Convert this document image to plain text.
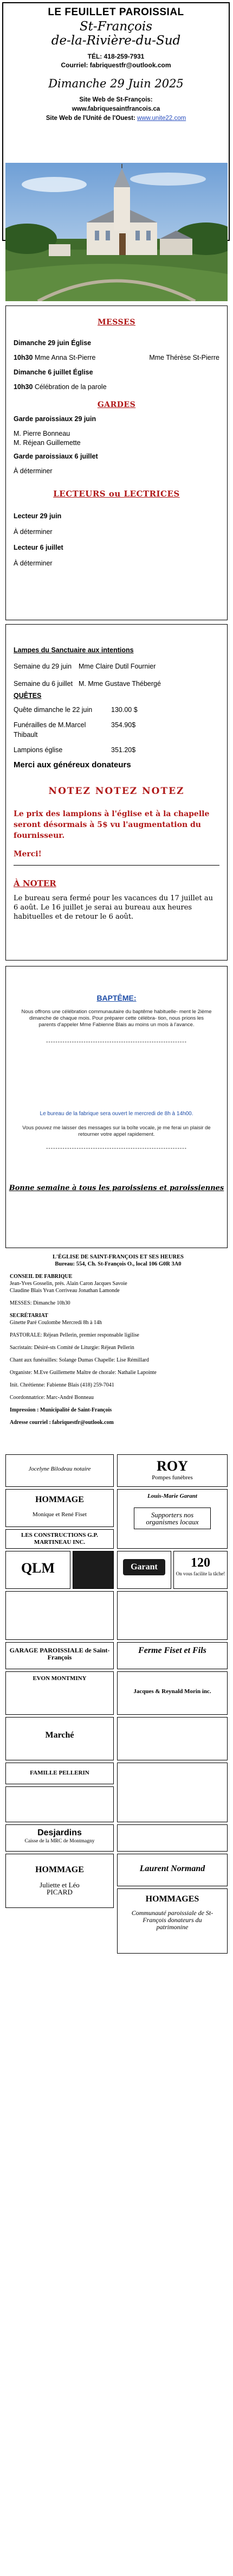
LE FEUILLET PAROISSIAL
St-François
de-la-Rivière-du-Sud
TÉL: 418-259-7931
Courriel: fabriquestfr@outlook.com
Dimanche 29 Juin 2025
Site Web de St-François:
www.fabriquesaintfrancois.ca
Site Web de l'Unité de l'Ouest: www.unite22.com
MESSES
Dimanche 29 juin Église
10h30 Mme Anna St-Pierre	Mme Thérèse St-Pierre
Dimanche 6 juillet Église
10h30 Célébration de la parole
GARDES
Garde paroissiaux 29 juin
M. Pierre Bonneau
M. Réjean Guillemette
Garde paroissiaux 6 juillet
À déterminer
LECTEURS ou LECTRICES
Lecteur 29 juin
À déterminer
Lecteur 6 juillet
À déterminer
Lampes du Sanctuaire aux intentions
Semaine du 29 juin	Mme Claire Dutil Fournier
Semaine du 6 juillet M. Mme Gustave Thébergé
QUÊTES
Quête dimanche le 22 juin	130.00 $
Funérailles de M.Marcel Thibault
354.90$
Lampions église	351.20$
Merci aux généreux donateurs
NOTEZ NOTEZ NOTEZ
Le prix des lampions à l'église et à la chapelle seront désormais à 5$ vu l'augmentation du fournisseur.
Merci!
À NOTER
Le bureau sera fermé pour les vacances du 17 juillet au 6 août. Le 16 juillet je serai au bureau aux heures habituelles et de retour le 6 août.
BAPTÊME:
Nous offrons une célébration communautaire du baptême habituelle- ment le 2ième dimanche de chaque mois. Pour préparer cette célébra- tion, nous prions les parents d'appeler Mme Fabienne Blais au moins un mois à l'avance.
------------------------------------------------------------
Le bureau de la fabrique sera ouvert le mercredi de 8h à 14h00.
Vous pouvez me laisser des messages sur la boîte vocale, je me ferai un plaisir de retourner votre appel rapidement.
------------------------------------------------------------
Bonne semaine à tous les paroissiens et paroissiennes
L'ÉGLISE DE SAINT-FRANÇOIS ET SES HEURES
Bureau: 554, Ch. St-François O., local 106 G0R 3A0
CONSEIL DE FABRIQUE
Jean-Yves Gosselin, prés. Alain Caron Jacques Savoie
Claudine Blais Yvan Corriveau Jonathan Lamonde
MESSES: Dimanche 10h30
SECRÉTARIAT
Ginette Paré Coulombe Mercredi 8h à 14h
PASTORALE: Réjean Pellerin, premier responsable ligilise
Sacristain: Désiré-sts Comité de Liturgie: Réjean Pellerin
Chant aux funérailles: Solange Dumas Chapelle: Lise Rémillard
Organiste: M.Eve Guillemette Maître de chorale: Nathalie Lapointe
Init. Chrétienne: Fabienne Blais (418) 259-7041
Coordonnatrice: Marc-André Bonneau
Impression : Municipalité de Saint-François
Adresse courriel : fabriquestfr@outlook.com
Jocelyne Bilodeau notaire	ROY
Pompes funèbres
HOMMAGE
Monique et René Fiset
Louis-Marie Garant
Supporters nos organismes locaux
LES CONSTRUCTIONS G.P. MARTINEAU INC.
QLM	Garant	120
On vous facilite la tâche!
GARAGE PAROISSIALE de Saint-François
Ferme Fiset et Fils
EVON MONTMINY
Jacques & Reynald Morin inc.
Marché
FAMILLE PELLERIN
Desjardins
Caisse de la MRC de Montmagny
HOMMAGE
Juliette et Léo PICARD
Laurent Normand
HOMMAGES
Communauté paroissiale de St-François donateurs du patrimonine
